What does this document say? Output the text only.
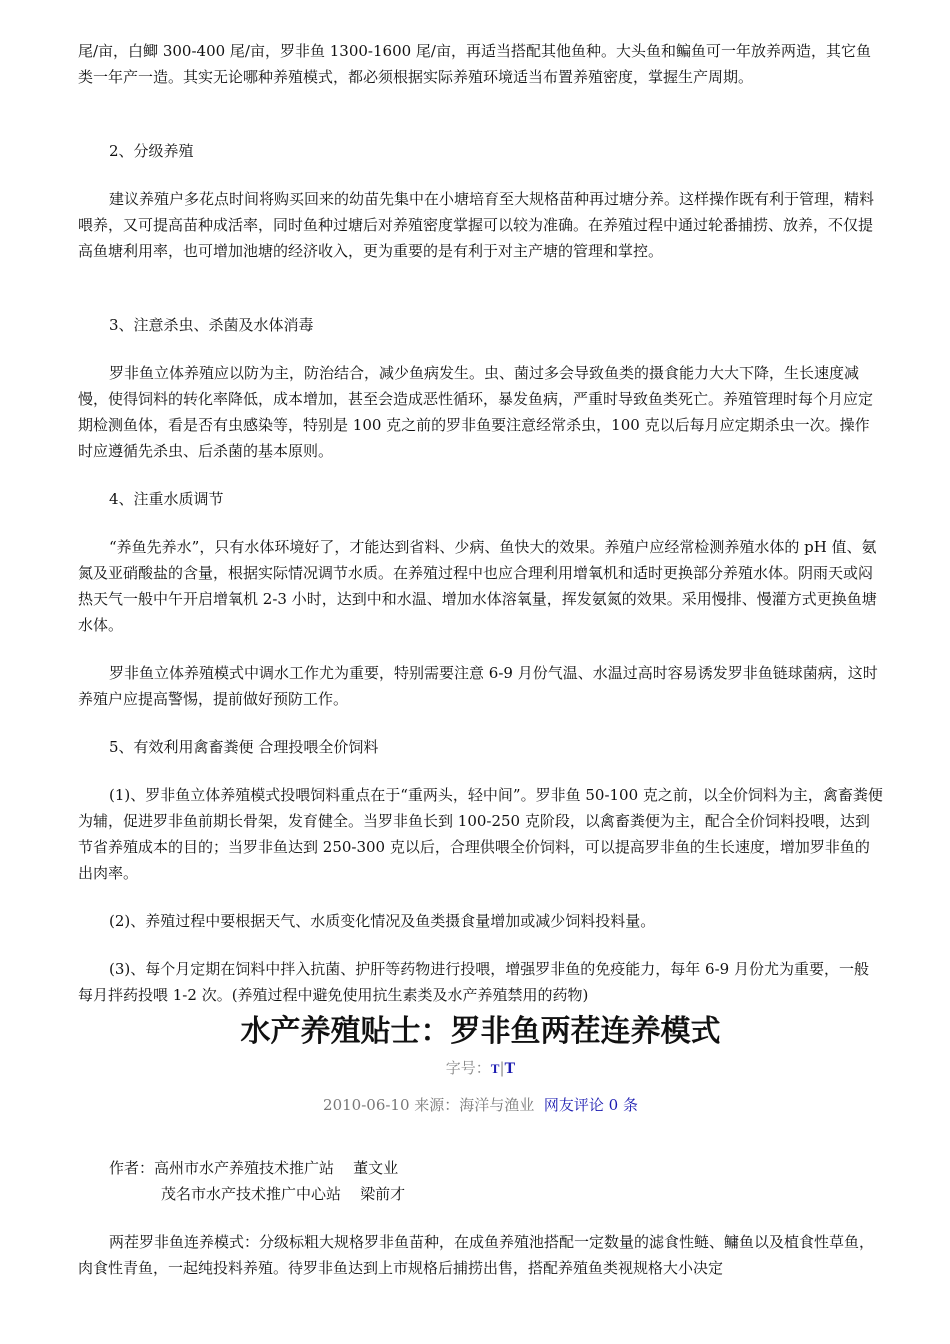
尾/亩，白鲫 300-400 尾/亩，罗非鱼 1300-1600 尾/亩，再适当搭配其他鱼种。大头鱼和鳊鱼可一年放养两造，其它鱼类一年产一造。其实无论哪种养殖模式，都必须根据实际养殖环境适当布置养殖密度，掌握生产周期。

2、分级养殖

建议养殖户多花点时间将购买回来的幼苗先集中在小塘培育至大规格苗种再过塘分养。这样操作既有利于管理，精料喂养，又可提高苗种成活率，同时鱼种过塘后对养殖密度掌握可以较为准确。在养殖过程中通过轮番捕捞、放养，不仅提高鱼塘利用率，也可增加池塘的经济收入，更为重要的是有利于对主产塘的管理和掌控。

3、注意杀虫、杀菌及水体消毒

罗非鱼立体养殖应以防为主，防治结合，减少鱼病发生。虫、菌过多会导致鱼类的摄食能力大大下降，生长速度减慢，使得饲料的转化率降低，成本增加，甚至会造成恶性循环，暴发鱼病，严重时导致鱼类死亡。养殖管理时每个月应定期检测鱼体，看是否有虫感染等，特别是 100 克之前的罗非鱼要注意经常杀虫，100 克以后每月应定期杀虫一次。操作时应遵循先杀虫、后杀菌的基本原则。

4、注重水质调节

“养鱼先养水”，只有水体环境好了，才能达到省料、少病、鱼快大的效果。养殖户应经常检测养殖水体的 pH 值、氨氮及亚硝酸盐的含量，根据实际情况调节水质。在养殖过程中也应合理利用增氧机和适时更换部分养殖水体。阴雨天或闷热天气一般中午开启增氧机 2-3 小时，达到中和水温、增加水体溶氧量，挥发氨氮的效果。采用慢排、慢灌方式更换鱼塘水体。

罗非鱼立体养殖模式中调水工作尤为重要，特别需要注意 6-9 月份气温、水温过高时容易诱发罗非鱼链球菌病，这时养殖户应提高警惕，提前做好预防工作。

5、有效利用禽畜粪便 合理投喂全价饲料

(1)、罗非鱼立体养殖模式投喂饲料重点在于“重两头，轻中间”。罗非鱼 50-100 克之前，以全价饲料为主，禽畜粪便为辅，促进罗非鱼前期长骨架，发育健全。当罗非鱼长到 100-250 克阶段，以禽畜粪便为主，配合全价饲料投喂，达到节省养殖成本的目的；当罗非鱼达到 250-300 克以后，合理供喂全价饲料，可以提高罗非鱼的生长速度，增加罗非鱼的出肉率。

(2)、养殖过程中要根据天气、水质变化情况及鱼类摄食量增加或减少饲料投料量。

(3)、每个月定期在饲料中拌入抗菌、护肝等药物进行投喂，增强罗非鱼的免疫能力，每年 6-9 月份尤为重要，一般每月拌药投喂 1-2 次。(养殖过程中避免使用抗生素类及水产养殖禁用的药物)

水产养殖贴士：罗非鱼两茬连养模式
字号：T|T
2010-06-10 来源：海洋与渔业 网友评论 0 条

作者：高州市水产养殖技术推广站    董文业

茂名市水产技术推广中心站    梁前才

两茬罗非鱼连养模式：分级标粗大规格罗非鱼苗种，在成鱼养殖池搭配一定数量的滤食性鲢、鳙鱼以及植食性草鱼，肉食性青鱼，一起纯投料养殖。待罗非鱼达到上市规格后捕捞出售，搭配养殖鱼类视规格大小决定
